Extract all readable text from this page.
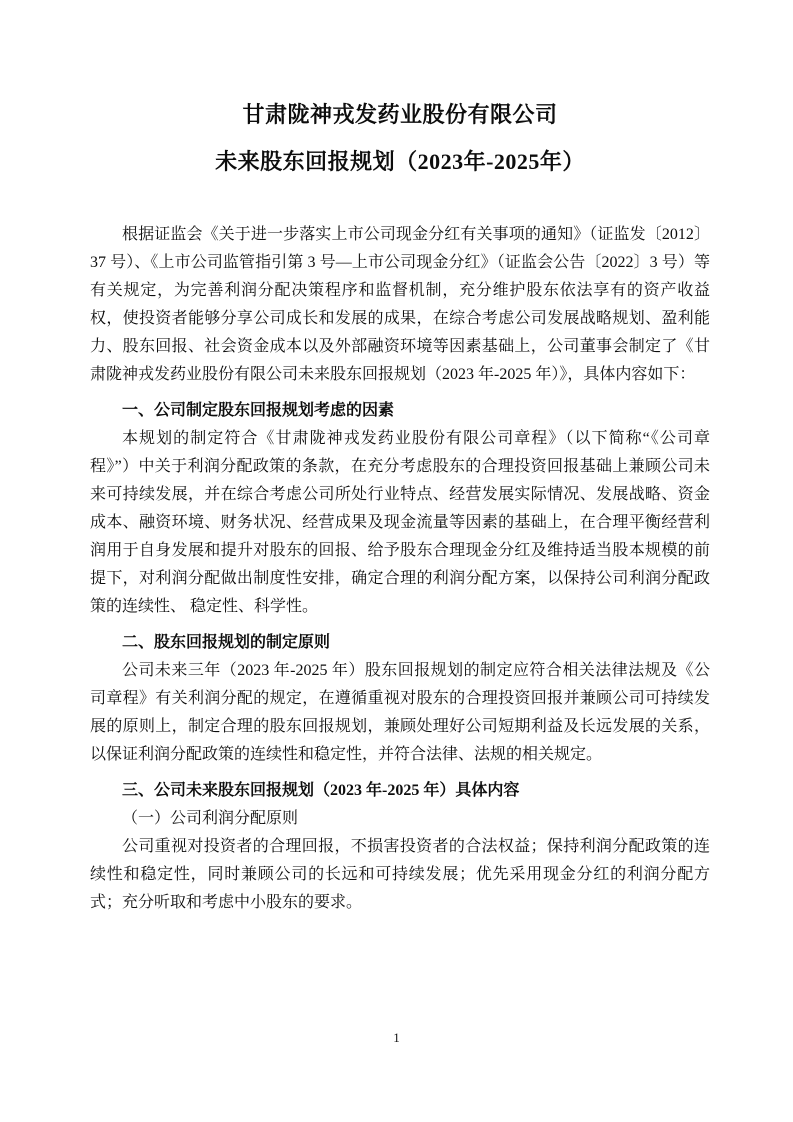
甘肃陇神戎发药业股份有限公司
未来股东回报规划（2023年-2025年）

根据证监会《关于进一步落实上市公司现金分红有关事项的通知》（证监发〔2012〕37 号）、《上市公司监管指引第 3 号—上市公司现金分红》（证监会公告〔2022〕3 号）等有关规定，为完善利润分配决策程序和监督机制，充分维护股东依法享有的资产收益权，使投资者能够分享公司成长和发展的成果，在综合考虑公司发展战略规划、盈利能力、股东回报、社会资金成本以及外部融资环境等因素基础上，公司董事会制定了《甘肃陇神戎发药业股份有限公司未来股东回报规划（2023 年-2025 年）》，具体内容如下：

一、公司制定股东回报规划考虑的因素

本规划的制定符合《甘肃陇神戎发药业股份有限公司章程》（以下简称“《公司章程》”）中关于利润分配政策的条款，在充分考虑股东的合理投资回报基础上兼顾公司未来可持续发展，并在综合考虑公司所处行业特点、经营发展实际情况、发展战略、资金成本、融资环境、财务状况、经营成果及现金流量等因素的基础上，在合理平衡经营利润用于自身发展和提升对股东的回报、给予股东合理现金分红及维持适当股本规模的前提下，对利润分配做出制度性安排，确定合理的利润分配方案，以保持公司利润分配政策的连续性、 稳定性、科学性。

二、股东回报规划的制定原则

公司未来三年（2023 年-2025 年）股东回报规划的制定应符合相关法律法规及《公司章程》有关利润分配的规定，在遵循重视对股东的合理投资回报并兼顾公司可持续发展的原则上，制定合理的股东回报规划，兼顾处理好公司短期利益及长远发展的关系，以保证利润分配政策的连续性和稳定性，并符合法律、法规的相关规定。

三、公司未来股东回报规划（2023 年-2025 年）具体内容

（一）公司利润分配原则

公司重视对投资者的合理回报，不损害投资者的合法权益；保持利润分配政策的连续性和稳定性，同时兼顾公司的长远和可持续发展；优先采用现金分红的利润分配方式；充分听取和考虑中小股东的要求。

1
